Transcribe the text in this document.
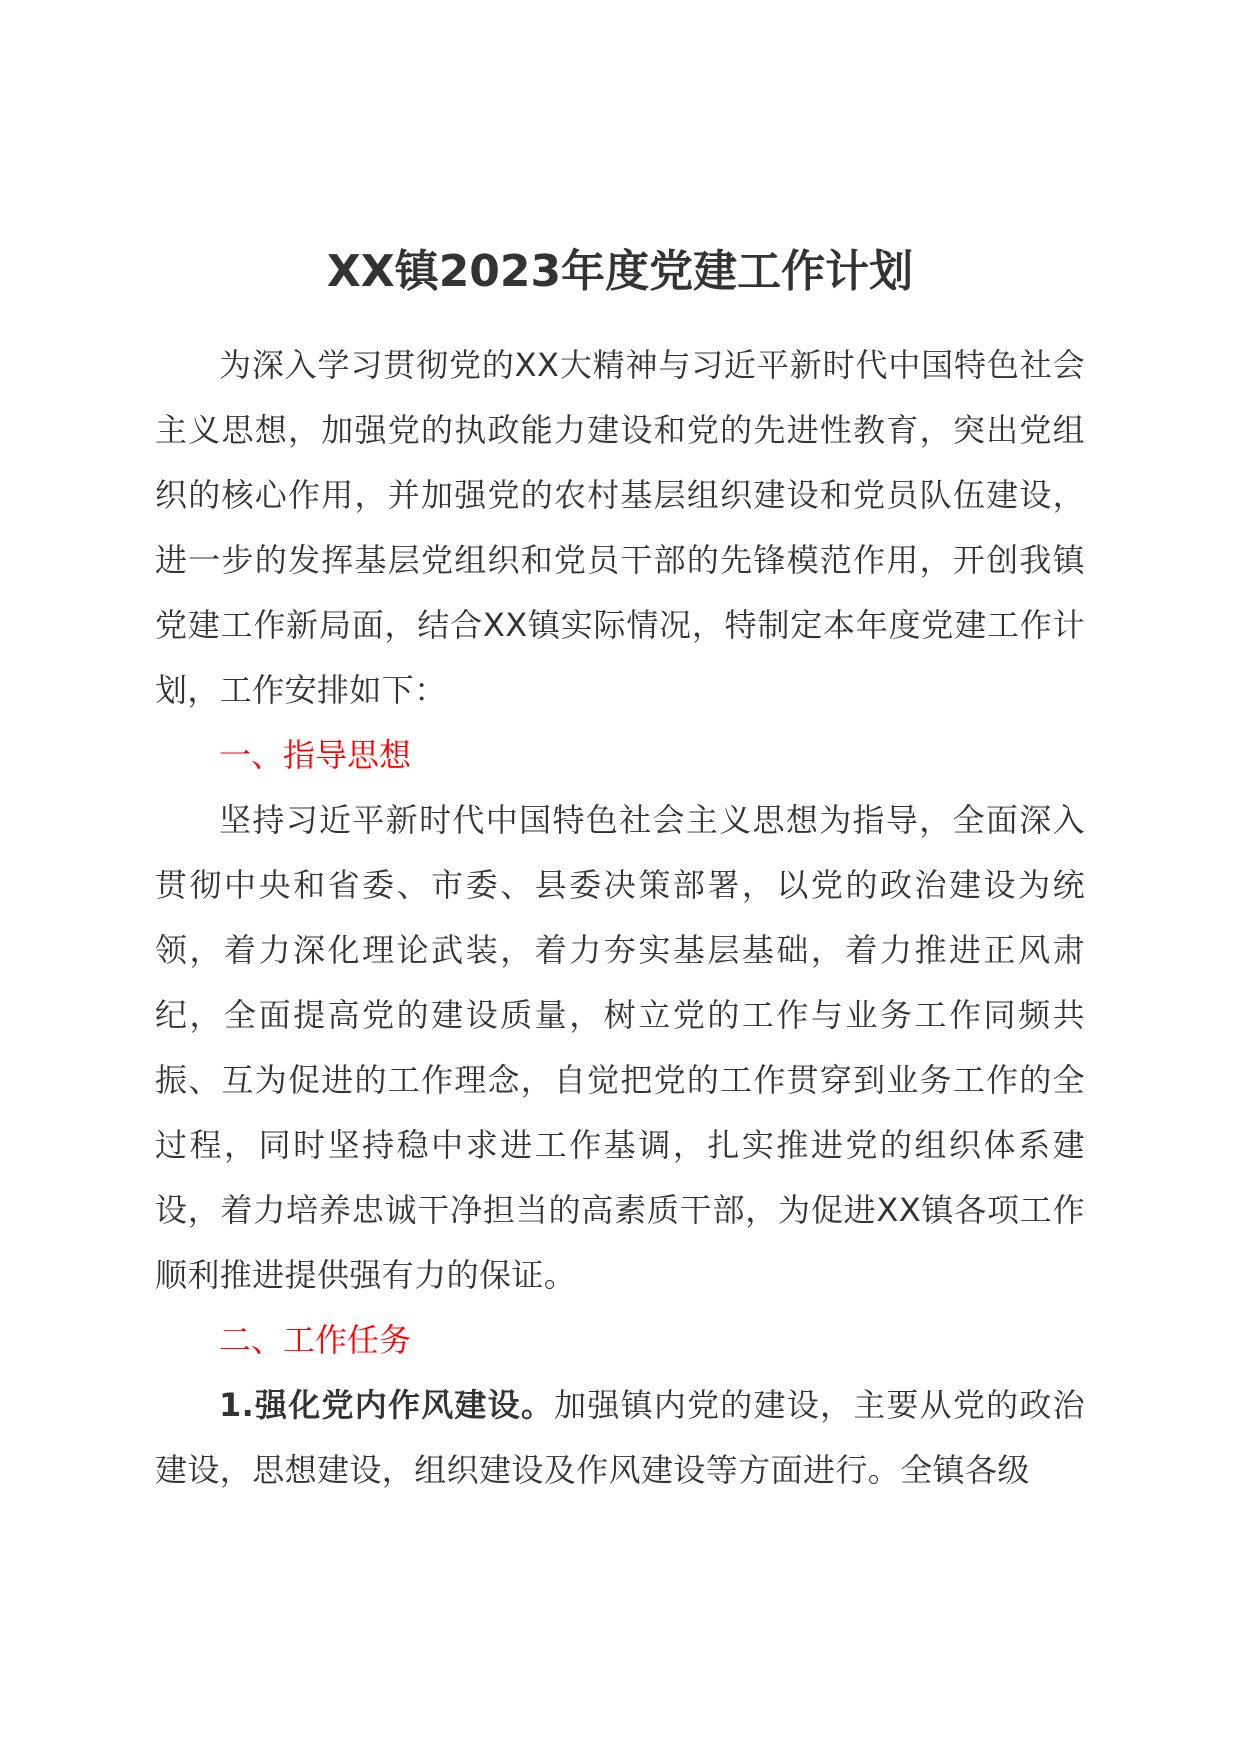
XX镇2023年度党建工作计划

为深入学习贯彻党的XX大精神与习近平新时代中国特色社会主义思想，加强党的执政能力建设和党的先进性教育，突出党组织的核心作用，并加强党的农村基层组织建设和党员队伍建设，进一步的发挥基层党组织和党员干部的先锋模范作用，开创我镇党建工作新局面，结合XX镇实际情况，特制定本年度党建工作计划，工作安排如下：

一、指导思想

坚持习近平新时代中国特色社会主义思想为指导，全面深入贯彻中央和省委、市委、县委决策部署，以党的政治建设为统领，着力深化理论武装，着力夯实基层基础，着力推进正风肃纪，全面提高党的建设质量，树立党的工作与业务工作同频共振、互为促进的工作理念，自觉把党的工作贯穿到业务工作的全过程，同时坚持稳中求进工作基调，扎实推进党的组织体系建设，着力培养忠诚干净担当的高素质干部，为促进XX镇各项工作顺利推进提供强有力的保证。

二、工作任务

1.强化党内作风建设。加强镇内党的建设，主要从党的政治建设，思想建设，组织建设及作风建设等方面进行。全镇各级
